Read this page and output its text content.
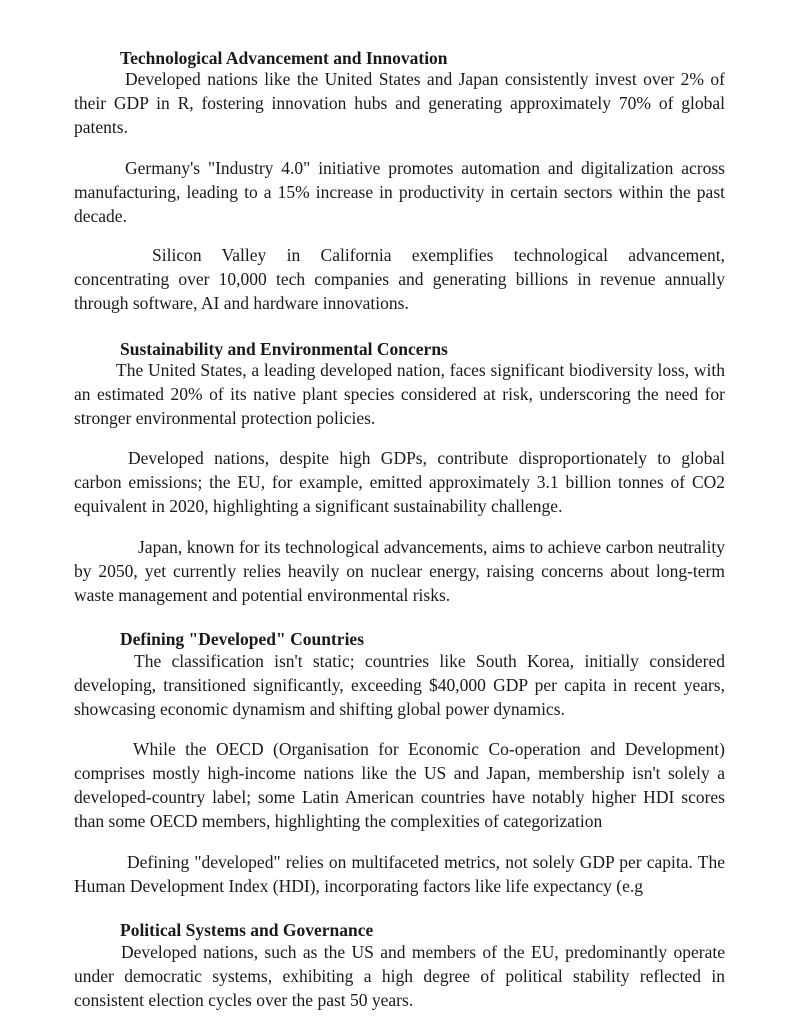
Technological Advancement and Innovation

Developed nations like the United States and Japan consistently invest over 2% of their GDP in R, fostering innovation hubs and generating approximately 70% of global patents.

Germany's "Industry 4.0" initiative promotes automation and digitalization across manufacturing, leading to a 15% increase in productivity in certain sectors within the past decade.

Silicon Valley in California exemplifies technological advancement, concentrating over 10,000 tech companies and generating billions in revenue annually through software, AI and hardware innovations.

Sustainability and Environmental Concerns

The United States, a leading developed nation, faces significant biodiversity loss, with an estimated 20% of its native plant species considered at risk, underscoring the need for stronger environmental protection policies.

Developed nations, despite high GDPs, contribute disproportionately to global carbon emissions; the EU, for example, emitted approximately 3.1 billion tonnes of CO2 equivalent in 2020, highlighting a significant sustainability challenge.

Japan, known for its technological advancements, aims to achieve carbon neutrality by 2050, yet currently relies heavily on nuclear energy, raising concerns about long-term waste management and potential environmental risks.

Defining "Developed" Countries

The classification isn't static; countries like South Korea, initially considered developing, transitioned significantly, exceeding $40,000 GDP per capita in recent years, showcasing economic dynamism and shifting global power dynamics.

While the OECD (Organisation for Economic Co-operation and Development) comprises mostly high-income nations like the US and Japan, membership isn't solely a developed-country label; some Latin American countries have notably higher HDI scores than some OECD members, highlighting the complexities of categorization

Defining "developed" relies on multifaceted metrics, not solely GDP per capita. The Human Development Index (HDI), incorporating factors like life expectancy (e.g

Political Systems and Governance

Developed nations, such as the US and members of the EU, predominantly operate under democratic systems, exhibiting a high degree of political stability reflected in consistent election cycles over the past 50 years.
